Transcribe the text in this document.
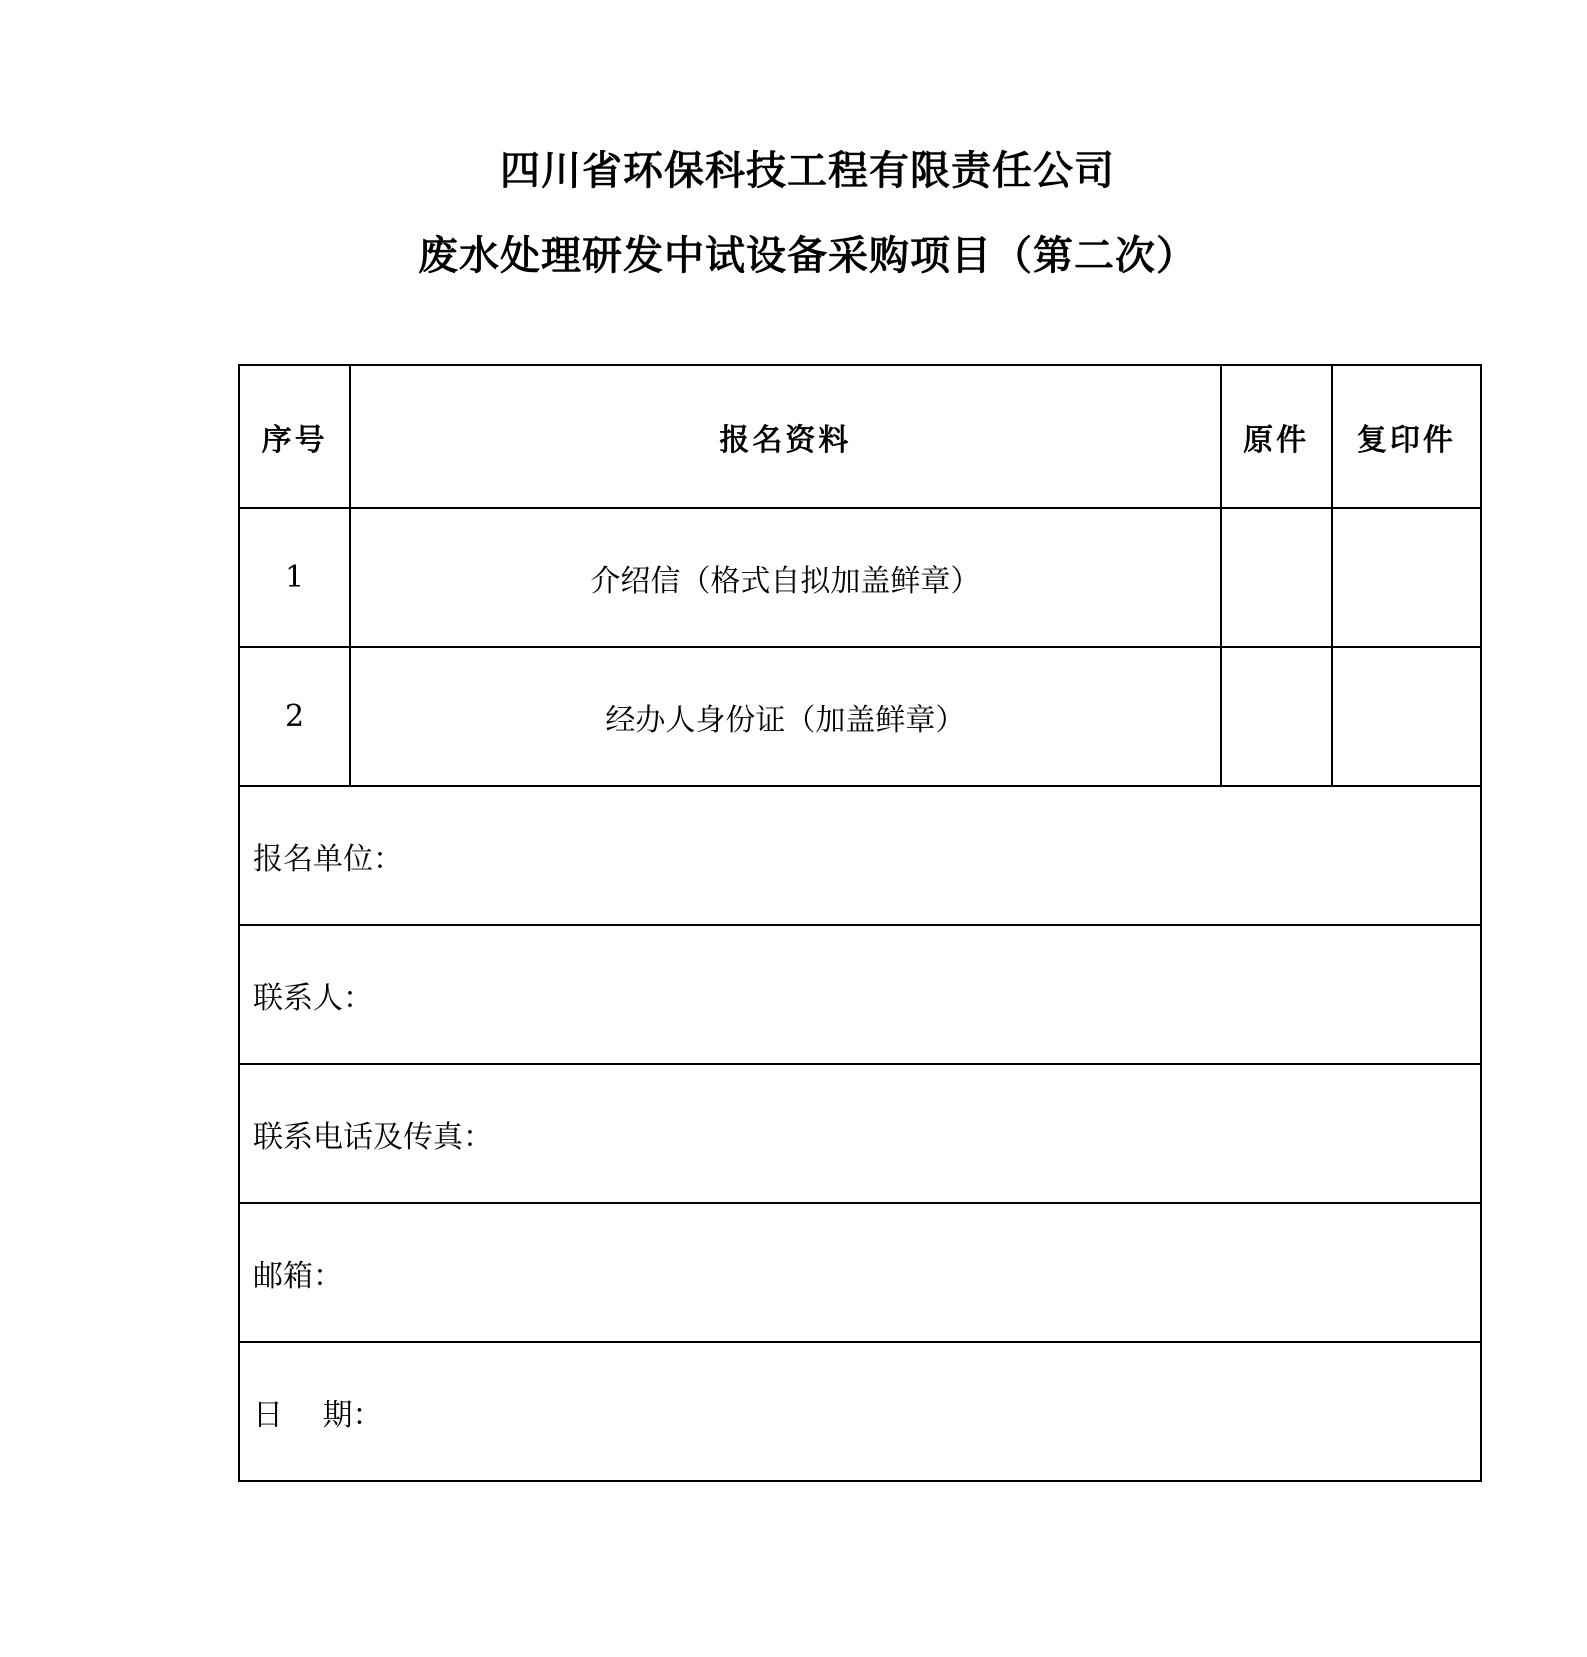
四川省环保科技工程有限责任公司
废水处理研发中试设备采购项目（第二次）
序号	报名资料	原件	复印件
1	介绍信（格式自拟加盖鲜章）		
2	经办人身份证（加盖鲜章）		
报名单位：			
联系人：			
联系电话及传真：			
邮箱：			
日　 期：			
